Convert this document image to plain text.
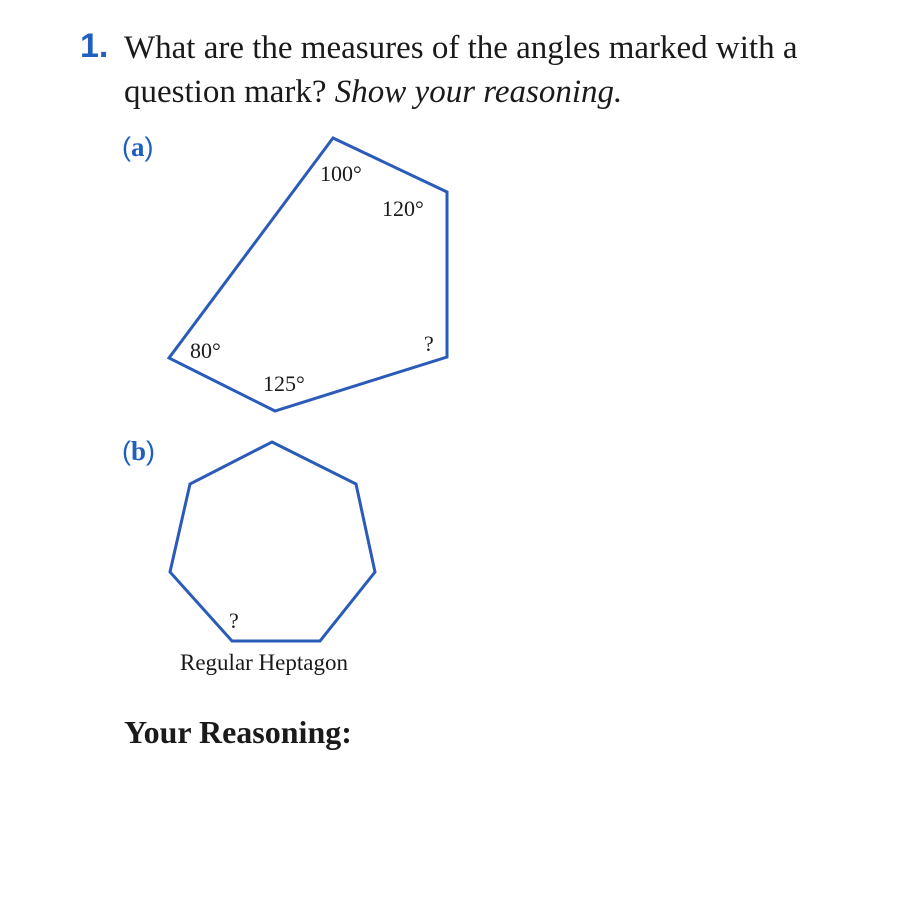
1. What are the measures of the angles marked with a question mark? Show your reasoning.
(a)
100°
120°
?
80°
125°
?
(b)
Regular Heptagon
Your Reasoning:
